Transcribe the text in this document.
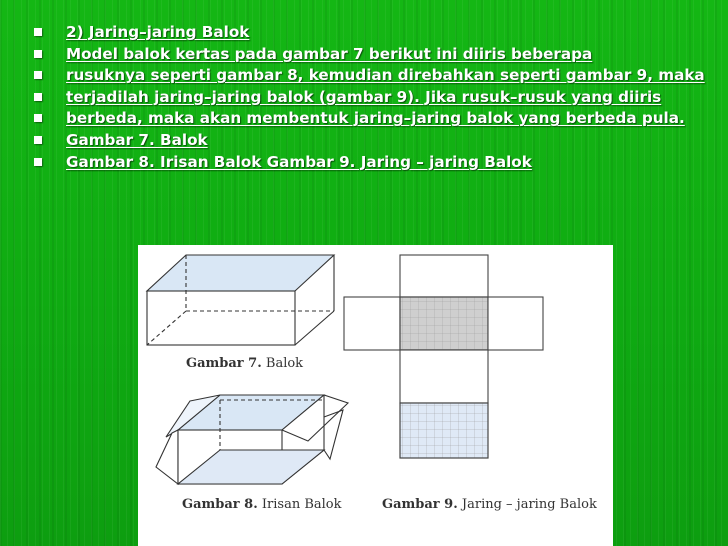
2) Jaring–jaring Balok
Model balok kertas pada gambar 7 berikut ini diiris beberapa
rusuknya seperti gambar 8, kemudian direbahkan seperti gambar 9, maka
terjadilah jaring–jaring balok (gambar 9). Jika rusuk–rusuk yang diiris
berbeda, maka akan membentuk jaring–jaring balok yang berbeda pula.
Gambar 7. Balok
Gambar 8. Irisan Balok Gambar 9. Jaring – jaring Balok
Gambar 7. Balok
Gambar 8. Irisan Balok	Gambar 9. Jaring – jaring Balok
